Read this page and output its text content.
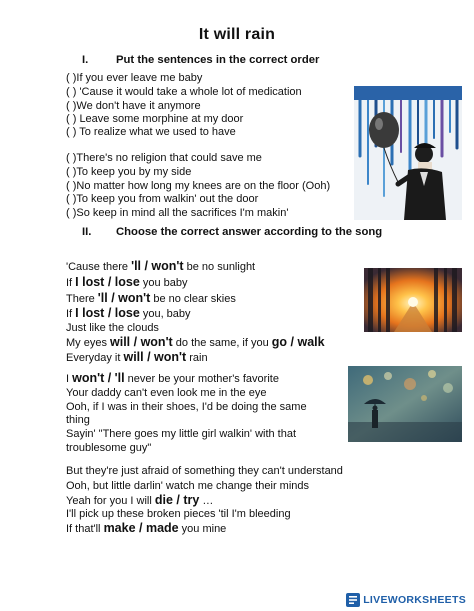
It will rain
I. Put the sentences in the correct order
( )If you ever leave me baby
( ) 'Cause it would take a whole lot of medication
( )We don't have it anymore
( ) Leave some morphine at my door
( ) To realize what we used to have
( )There's no religion that could save me
( )To keep you by my side
( )No matter how long my knees are on the floor (Ooh)
( )To keep you from walkin' out the door
( )So keep in mind all the sacrifices I'm makin'
II. Choose the correct answer according to the song
'Cause there 'll / won't be no sunlight
If I lost / lose you baby
There 'll / won't be no clear skies
If I lost / lose you, baby
Just like the clouds
My eyes will / won't do the same, if you go / walk
Everyday it will / won't rain
I won't / 'll never be your mother's favorite
Your daddy can't even look me in the eye
Ooh, if I was in their shoes, I'd be doing the same
thing
Sayin' "There goes my little girl walkin' with that
troublesome guy"
But they're just afraid of something they can't understand
Ooh, but little darlin' watch me change their minds
Yeah for you I will die / try …
I'll pick up these broken pieces 'til I'm bleeding
If that'll make / made you mine
LIVEWORKSHEETS
